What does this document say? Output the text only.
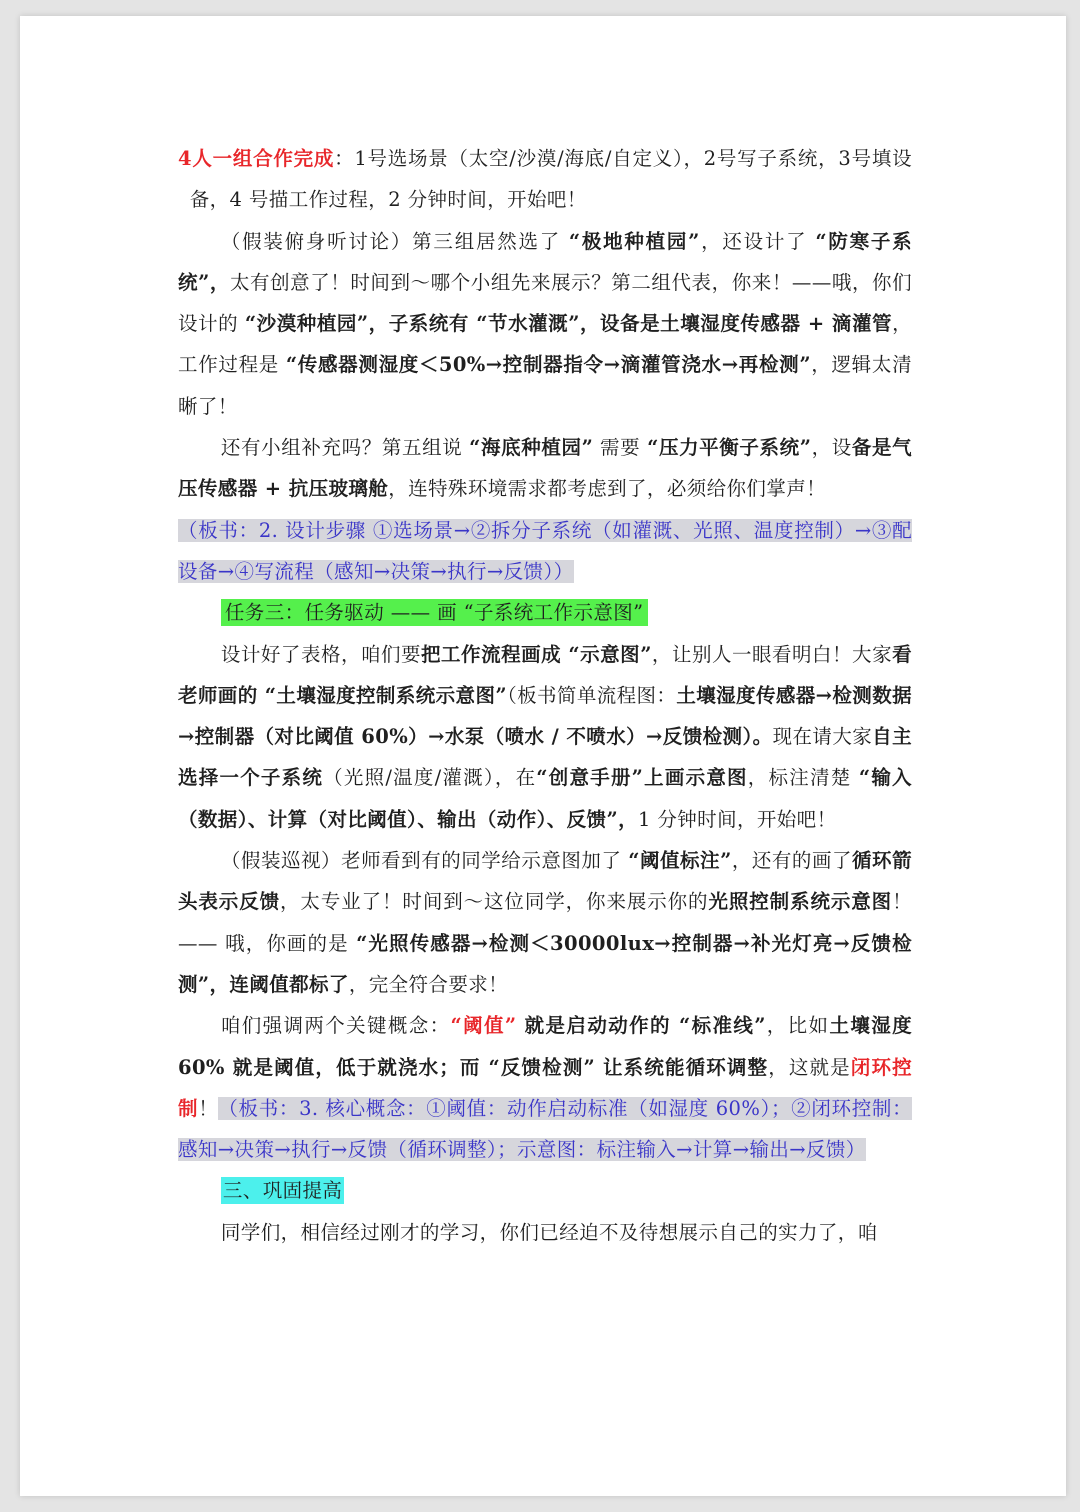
4人一组合作完成：1号选场景（太空/沙漠/海底/自定义），2号写子系统，3号填设备，4 号描工作过程，2 分钟时间，开始吧！

（假装俯身听讨论）第三组居然选了 “极地种植园”，还设计了 “防寒子系统”，太有创意了！时间到～哪个小组先来展示？第二组代表，你来！——哦，你们设计的 “沙漠种植园”，子系统有 “节水灌溉”，设备是土壤湿度传感器 + 滴灌管，工作过程是 “传感器测湿度＜50%→控制器指令→滴灌管浇水→再检测”，逻辑太清晰了！

还有小组补充吗？第五组说 “海底种植园” 需要 “压力平衡子系统”，设备是气压传感器 + 抗压玻璃舱，连特殊环境需求都考虑到了，必须给你们掌声！

（板书：2. 设计步骤 ①选场景→②拆分子系统（如灌溉、光照、温度控制）→③配设备→④写流程（感知→决策→执行→反馈））

任务三：任务驱动 —— 画 “子系统工作示意图”

设计好了表格，咱们要把工作流程画成 “示意图”，让别人一眼看明白！大家看老师画的 “土壤湿度控制系统示意图”（板书简单流程图：土壤湿度传感器→检测数据→控制器（对比阈值 60%）→水泵（喷水 / 不喷水）→反馈检测）。现在请大家自主选择一个子系统（光照/温度/灌溉），在“创意手册”上画示意图，标注清楚 “输入（数据）、计算（对比阈值）、输出（动作）、反馈”，1 分钟时间，开始吧！

（假装巡视）老师看到有的同学给示意图加了 “阈值标注”，还有的画了循环箭头表示反馈，太专业了！时间到～这位同学，你来展示你的光照控制系统示意图！—— 哦，你画的是 “光照传感器→检测＜30000lux→控制器→补光灯亮→反馈检测”，连阈值都标了，完全符合要求！

咱们强调两个关键概念：“阈值” 就是启动动作的 “标准线”，比如土壤湿度 60% 就是阈值，低于就浇水；而 “反馈检测” 让系统能循环调整，这就是闭环控制！（板书：3. 核心概念：①阈值：动作启动标准（如湿度 60%）；②闭环控制：感知→决策→执行→反馈（循环调整）；示意图：标注输入→计算→输出→反馈）

三、巩固提高

同学们，相信经过刚才的学习，你们已经迫不及待想展示自己的实力了，咱
